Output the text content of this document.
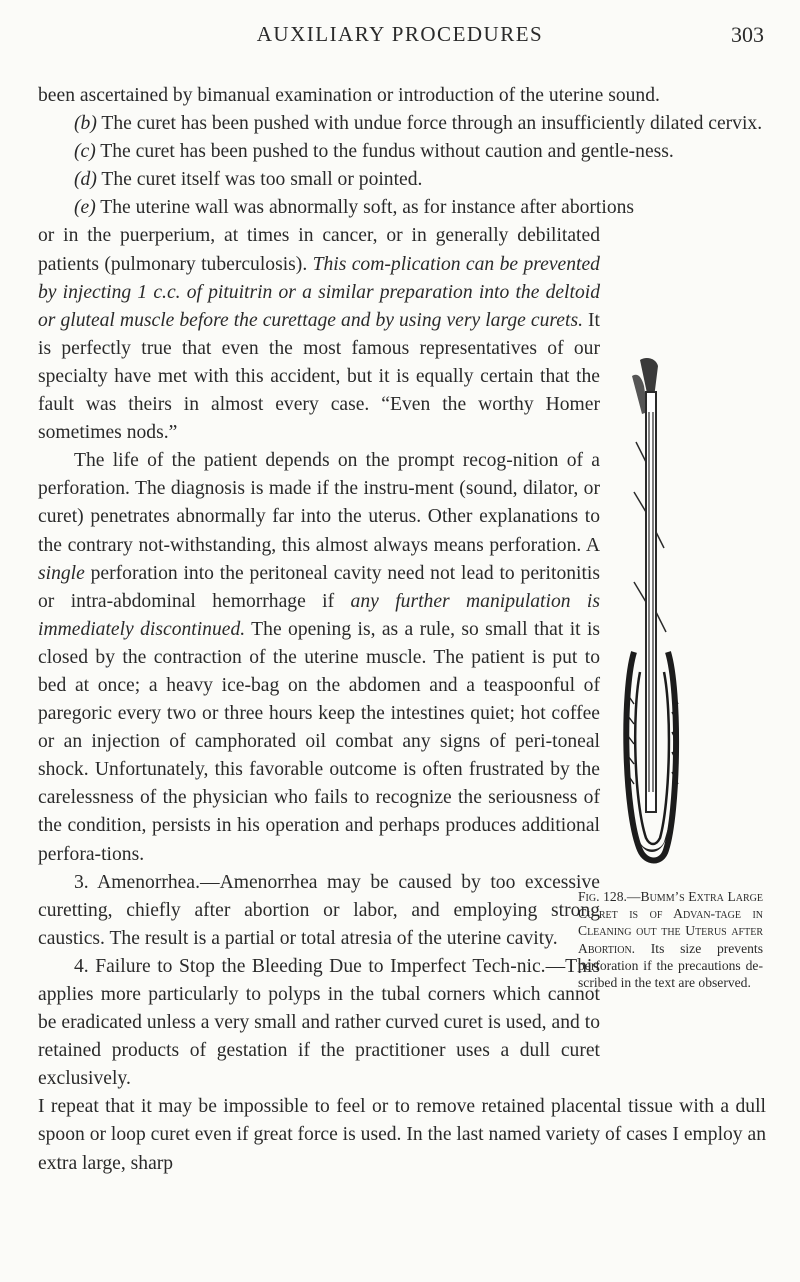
AUXILIARY PROCEDURES	303

been ascertained by bimanual examination or introduction of the uterine sound.

(b) The curet has been pushed with undue force through an insufficiently dilated cervix.

(c) The curet has been pushed to the fundus without caution and gentle-ness.

(d) The curet itself was too small or pointed.

(e) The uterine wall was abnormally soft, as for instance after abortions

or in the puerperium, at times in cancer, or in generally debilitated patients (pulmonary tuberculosis). This com-plication can be prevented by injecting 1 c.c. of pituitrin or a similar preparation into the deltoid or gluteal muscle before the curettage and by using very large curets. It is perfectly true that even the most famous representatives of our specialty have met with this accident, but it is equally certain that the fault was theirs in almost every case. “Even the worthy Homer sometimes nods.”

The life of the patient depends on the prompt recog-nition of a perforation. The diagnosis is made if the instru-ment (sound, dilator, or curet) penetrates abnormally far into the uterus. Other explanations to the contrary not-withstanding, this almost always means perforation. A single perforation into the peritoneal cavity need not lead to peritonitis or intra-abdominal hemorrhage if any further manipulation is immediately discontinued. The opening is, as a rule, so small that it is closed by the contraction of the uterine muscle. The patient is put to bed at once; a heavy ice-bag on the abdomen and a teaspoonful of paregoric every two or three hours keep the intestines quiet; hot coffee or an injection of camphorated oil combat any signs of peri-toneal shock. Unfortunately, this favorable outcome is often frustrated by the carelessness of the physician who fails to recognize the seriousness of the condition, persists in his operation and perhaps produces additional perfora-tions.

3. Amenorrhea.—Amenorrhea may be caused by too excessive curetting, chiefly after abortion or labor, and employing strong caustics. The result is a partial or total atresia of the uterine cavity.

4. Failure to Stop the Bleeding Due to Imperfect Tech-nic.—This applies more particularly to polyps in the tubal corners which cannot be eradicated unless a very small and rather curved curet is used, and to retained products of gestation if the practitioner uses a dull curet exclusively.

I repeat that it may be impossible to feel or to remove retained placental tissue with a dull spoon or loop curet even if great force is used. In the last named variety of cases I employ an extra large, sharp

Fig. 128.—Bumm’s Extra Large Cu-ret is of Advan-tage in Cleaning out the Uterus after Abortion. Its size prevents perforation if the precautions de-scribed in the text are observed.
